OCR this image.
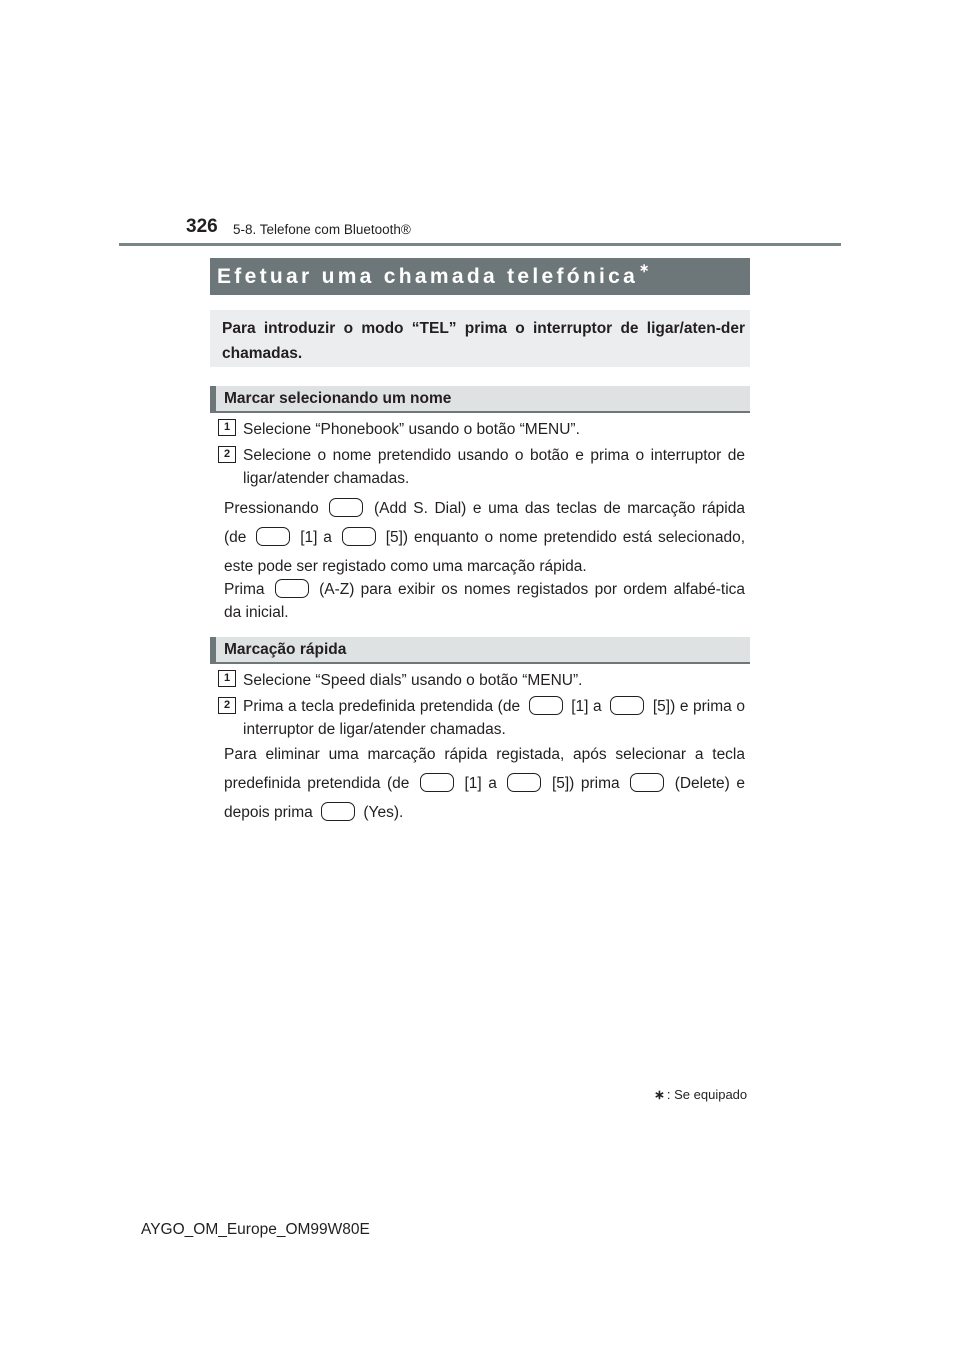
326 5-8. Telefone com Bluetooth®
Efetuar uma chamada telefónica ∗
Para introduzir o modo “TEL” prima o interruptor de ligar/aten-der chamadas.
Marcar selecionando um nome
1 Selecione “Phonebook” usando o botão “MENU”.
2 Selecione o nome pretendido usando o botão e prima o interruptor de ligar/atender chamadas.
Pressionando	(Add S. Dial) e uma das teclas de marcação rápida (de	[1] a	[5]) enquanto o nome pretendido está selecionado, este pode ser registado como uma marcação rápida.
Prima	(A-Z) para exibir os nomes registados por ordem alfabé-tica da inicial.
Marcação rápida
1 Selecione “Speed dials” usando o botão “MENU”.
2 Prima a tecla predefinida pretendida (de	[1] a	[5]) e prima o interruptor de ligar/atender chamadas.
Para eliminar uma marcação rápida registada, após selecionar a tecla predefinida pretendida (de	[1] a	[5]) prima	(Delete) e depois prima	(Yes).
∗ : Se equipado
AYGO_OM_Europe_OM99W80E
